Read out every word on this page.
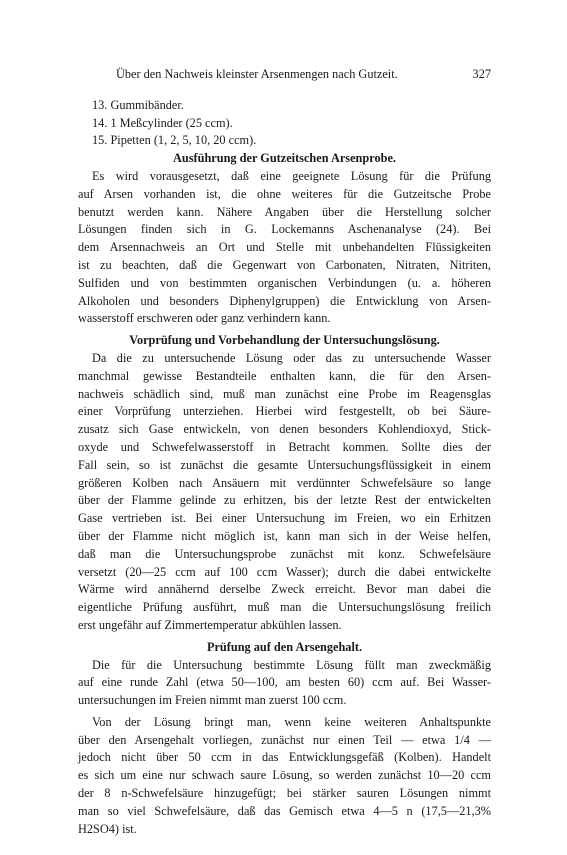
Über den Nachweis kleinster Arsenmengen nach Gutzeit.	327
13. Gummibänder.
14. 1 Meßcylinder (25 ccm).
15. Pipetten (1, 2, 5, 10, 20 ccm).
Ausführung der Gutzeitschen Arsenprobe.
Es wird vorausgesetzt, daß eine geeignete Lösung für die Prüfung
auf Arsen vorhanden ist, die ohne weiteres für die Gutzeitsche Probe
benutzt werden kann. Nähere Angaben über die Herstellung solcher
Lösungen finden sich in G. Lockemanns Aschenanalyse (24). Bei
dem Arsennachweis an Ort und Stelle mit unbehandelten Flüssigkeiten
ist zu beachten, daß die Gegenwart von Carbonaten, Nitraten, Nitriten,
Sulfiden und von bestimmten organischen Verbindungen (u. a. höheren
Alkoholen und besonders Diphenylgruppen) die Entwicklung von Arsen-
wasserstoff erschweren oder ganz verhindern kann.
Vorprüfung und Vorbehandlung der Untersuchungslösung.
Da die zu untersuchende Lösung oder das zu untersuchende Wasser
manchmal gewisse Bestandteile enthalten kann, die für den Arsen-
nachweis schädlich sind, muß man zunächst eine Probe im Reagensglas
einer Vorprüfung unterziehen. Hierbei wird festgestellt, ob bei Säure-
zusatz sich Gase entwickeln, von denen besonders Kohlendioxyd, Stick-
oxyde und Schwefelwasserstoff in Betracht kommen. Sollte dies der
Fall sein, so ist zunächst die gesamte Untersuchungsflüssigkeit in einem
größeren Kolben nach Ansäuern mit verdünnter Schwefelsäure so lange
über der Flamme gelinde zu erhitzen, bis der letzte Rest der entwickelten
Gase vertrieben ist. Bei einer Untersuchung im Freien, wo ein Erhitzen
über der Flamme nicht möglich ist, kann man sich in der Weise helfen,
daß man die Untersuchungsprobe zunächst mit konz. Schwefelsäure
versetzt (20—25 ccm auf 100 ccm Wasser); durch die dabei entwickelte
Wärme wird annähernd derselbe Zweck erreicht. Bevor man dabei die
eigentliche Prüfung ausführt, muß man die Untersuchungslösung freilich
erst ungefähr auf Zimmertemperatur abkühlen lassen.
Prüfung auf den Arsengehalt.
Die für die Untersuchung bestimmte Lösung füllt man zweckmäßig
auf eine runde Zahl (etwa 50—100, am besten 60) ccm auf. Bei Wasser-
untersuchungen im Freien nimmt man zuerst 100 ccm.
Von der Lösung bringt man, wenn keine weiteren Anhaltspunkte
über den Arsengehalt vorliegen, zunächst nur einen Teil — etwa 1/4 —
jedoch nicht über 50 ccm in das Entwicklungsgefäß (Kolben). Handelt
es sich um eine nur schwach saure Lösung, so werden zunächst 10—20 ccm
der 8 n-Schwefelsäure hinzugefügt; bei stärker sauren Lösungen nimmt
man so viel Schwefelsäure, daß das Gemisch etwa 4—5 n (17,5—21,3%
H2SO4) ist.
